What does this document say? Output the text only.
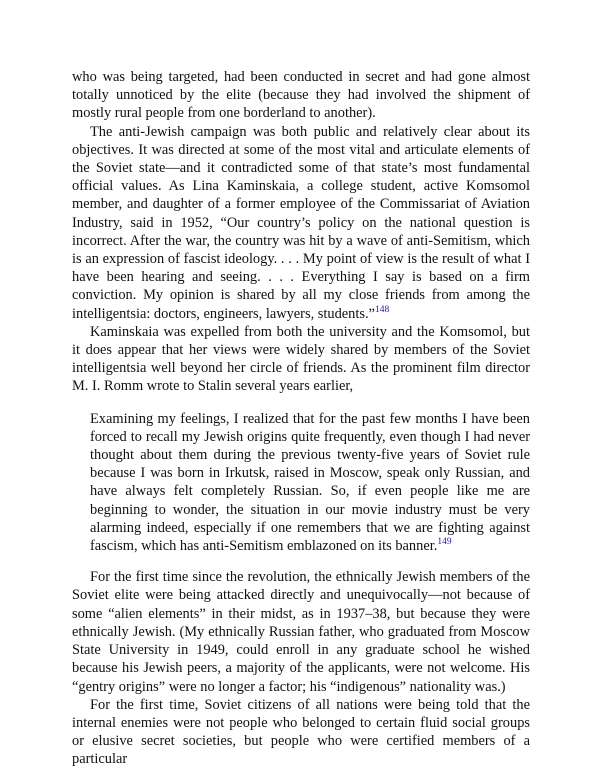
who was being targeted, had been conducted in secret and had gone almost totally unnoticed by the elite (because they had involved the shipment of mostly rural people from one borderland to another).

The anti-Jewish campaign was both public and relatively clear about its objectives. It was directed at some of the most vital and articulate elements of the Soviet state—and it contradicted some of that state’s most fundamental official values. As Lina Kaminskaia, a college student, active Komsomol member, and daughter of a former employee of the Commissariat of Aviation Industry, said in 1952, “Our country’s policy on the national question is incorrect. After the war, the country was hit by a wave of anti-Semitism, which is an expression of fascist ideology. . . . My point of view is the result of what I have been hearing and seeing. . . . Everything I say is based on a firm conviction. My opinion is shared by all my close friends from among the intelligentsia: doctors, engineers, lawyers, students.”$^{148}$

Kaminskaia was expelled from both the university and the Komsomol, but it does appear that her views were widely shared by members of the Soviet intelligentsia well beyond her circle of friends. As the prominent film director M. I. Romm wrote to Stalin several years earlier,

Examining my feelings, I realized that for the past few months I have been forced to recall my Jewish origins quite frequently, even though I had never thought about them during the previous twenty-five years of Soviet rule because I was born in Irkutsk, raised in Moscow, speak only Russian, and have always felt completely Russian. So, if even people like me are beginning to wonder, the situation in our movie industry must be very alarming indeed, especially if one remembers that we are fighting against fascism, which has anti-Semitism emblazoned on its banner.$^{149}$

For the first time since the revolution, the ethnically Jewish members of the Soviet elite were being attacked directly and unequivocally—not because of some “alien elements” in their midst, as in 1937–38, but because they were ethnically Jewish. (My ethnically Russian father, who graduated from Moscow State University in 1949, could enroll in any graduate school he wished because his Jewish peers, a majority of the applicants, were not welcome. His “gentry origins” were no longer a factor; his “indigenous” nationality was.)

For the first time, Soviet citizens of all nations were being told that the internal enemies were not people who belonged to certain fluid social groups or elusive secret societies, but people who were certified members of a particular
